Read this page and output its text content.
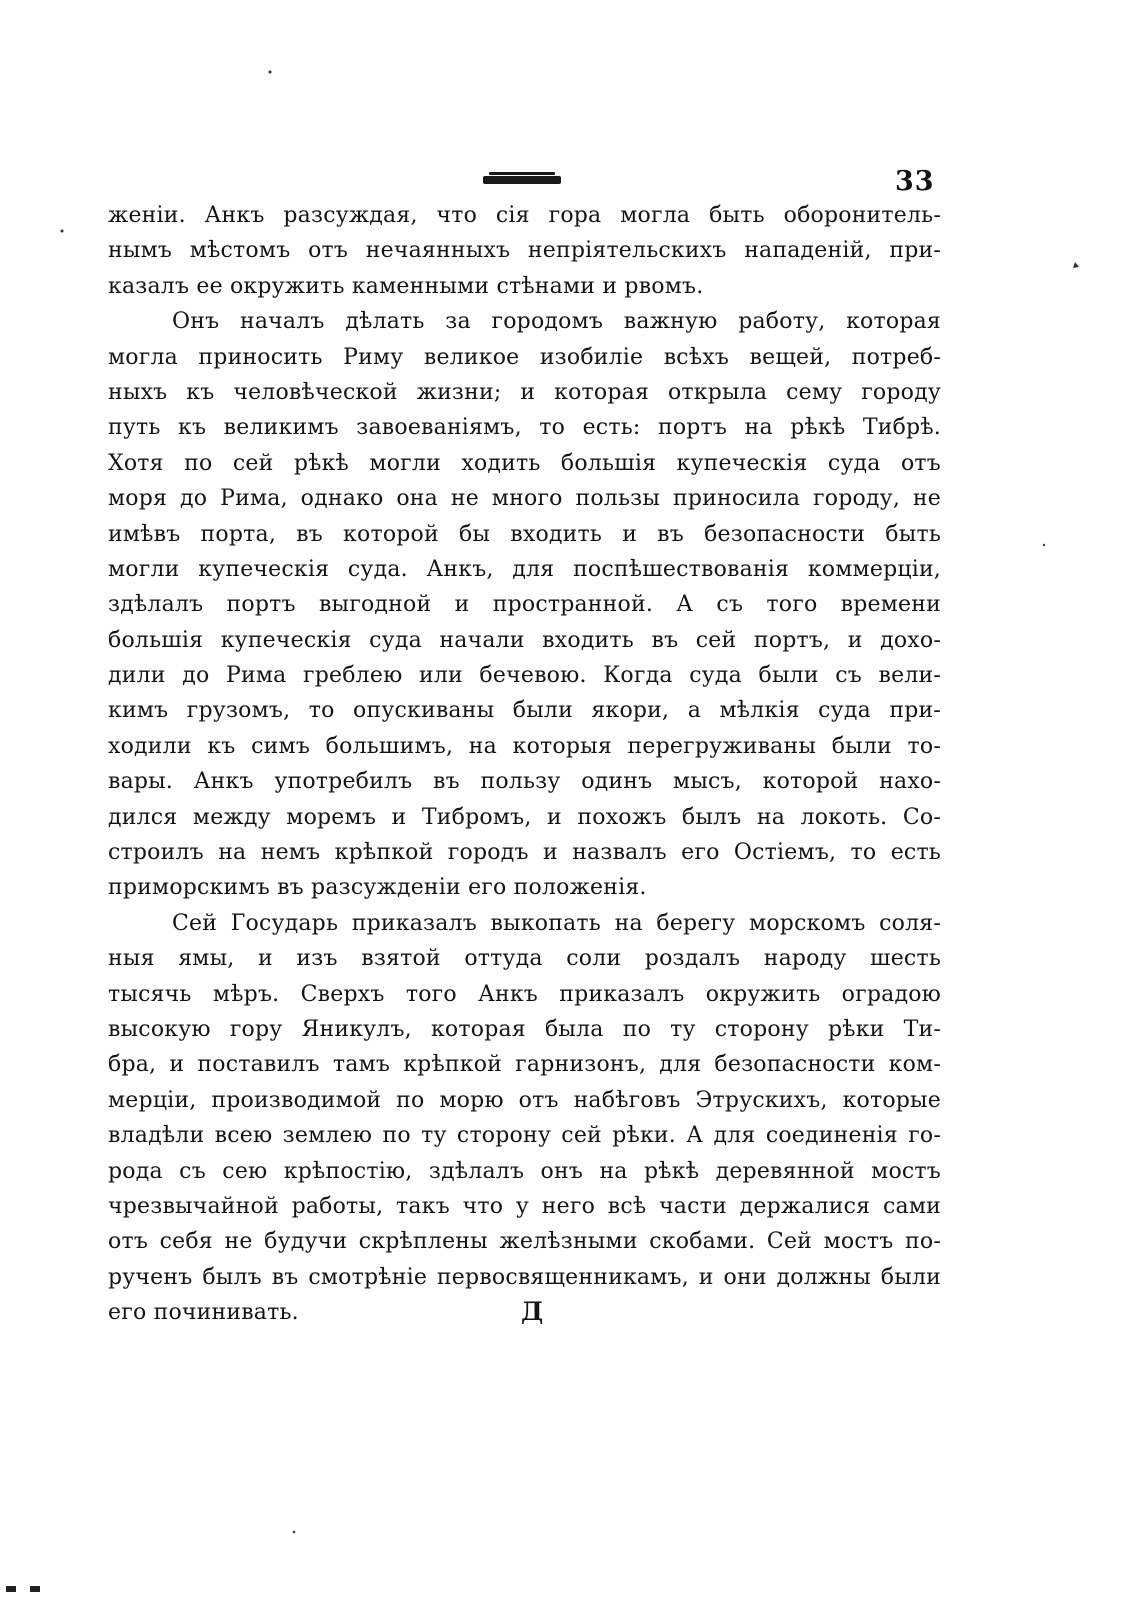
33
женіи. Анкъ разсуждая, что сія гора могла быть оборонитель-
нымъ мѣстомъ отъ нечаянныхъ непріятельскихъ нападеній, при-
казалъ ее окружить каменными стѣнами и рвомъ.
Онъ началъ дѣлать за городомъ важную работу, которая
могла приносить Риму великое изобиліе всѣхъ вещей, потреб-
ныхъ къ человѣческой жизни; и которая открыла сему городу
путь къ великимъ завоеваніямъ, то есть: портъ на рѣкѣ Тибрѣ.
Хотя по сей рѣкѣ могли ходить большія купеческія суда отъ
моря до Рима, однако она не много пользы приносила городу, не
имѣвъ порта, въ которой бы входить и въ безопасности быть
могли купеческія суда. Анкъ, для поспѣшествованія коммерціи,
здѣлалъ портъ выгодной и пространной. А съ того времени
большія купеческія суда начали входить въ сей портъ, и дохо-
дили до Рима греблею или бечевою. Когда суда были съ вели-
кимъ грузомъ, то опускиваны были якори, а мѣлкія суда при-
ходили къ симъ большимъ, на которыя перегруживаны были то-
вары. Анкъ употребилъ въ пользу одинъ мысъ, которой нахо-
дился между моремъ и Тибромъ, и похожъ былъ на локоть. Со-
строилъ на немъ крѣпкой городъ и назвалъ его Остіемъ, то есть
приморскимъ въ разсужденіи его положенія.
Сей Государь приказалъ выкопать на берегу морскомъ соля-
ныя ямы, и изъ взятой оттуда соли роздалъ народу шесть
тысячь мѣръ. Сверхъ того Анкъ приказалъ окружить оградою
высокую гору Яникулъ, которая была по ту сторону рѣки Ти-
бра, и поставилъ тамъ крѣпкой гарнизонъ, для безопасности ком-
мерціи, производимой по морю отъ набѣговъ Этрускихъ, которые
владѣли всею землею по ту сторону сей рѣки. А для соединенія го-
рода съ сею крѣпостію, здѣлалъ онъ на рѣкѣ деревянной мостъ
чрезвычайной работы, такъ что у него всѣ части держалися сами
отъ себя не будучи скрѣплены желѣзными скобами. Сей мостъ по-
рученъ былъ въ смотрѣніе первосвященникамъ, и они должны были
его починивать.	Д
